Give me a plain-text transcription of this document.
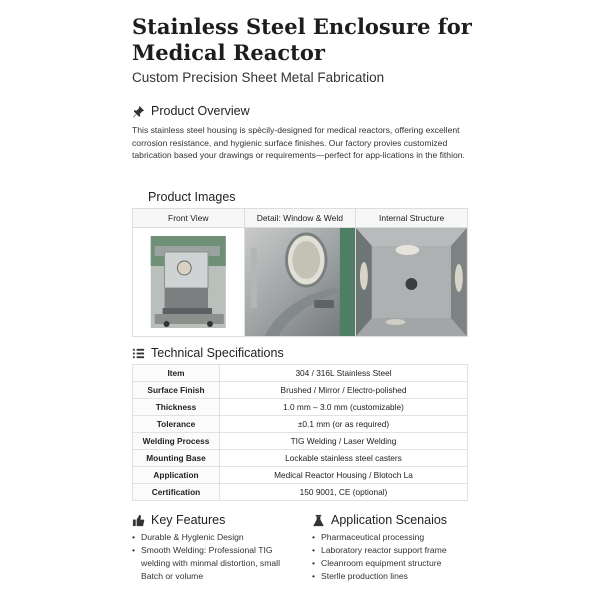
Stainless Steel Enclosure for Medical Reactor
Custom Precision Sheet Metal Fabrication
Product Overview

This stainless steel housing is spècily-designed for medical reactors, offering excellent corrosion resistance, and hygienic surface finishes. Our factory provies customized tabrication based your drawings or requirements—perfect for app-lications in the fithion.

Product Images
Front View	Detail: Window & Weld	Internal Structure

Technical Specifications
Item	304 / 316L Stainless Steel
Surface Finish	Brushed / Mirror / Electro-polished
Thickness	1.0 mm – 3.0 mm (customizable)
Tolerance	±0.1 mm (or as required)
Welding Process	TIG Welding / Laser Welding
Mounting Base	Lockable stainless steel casters
Application	Medical Reactor Housing / Blotoch La
Certification	150 9001, CE (optional)
Key Features
• Durable & Hyglenic Design
• Smooth Welding: Professional TIG welding with minmal distortion, small Batch or volume
Application Scenaios
• Pharmaceutical processing
• Laboratory reactor support frame
• Cleanroom equipment structure
• Sterlle production lines
